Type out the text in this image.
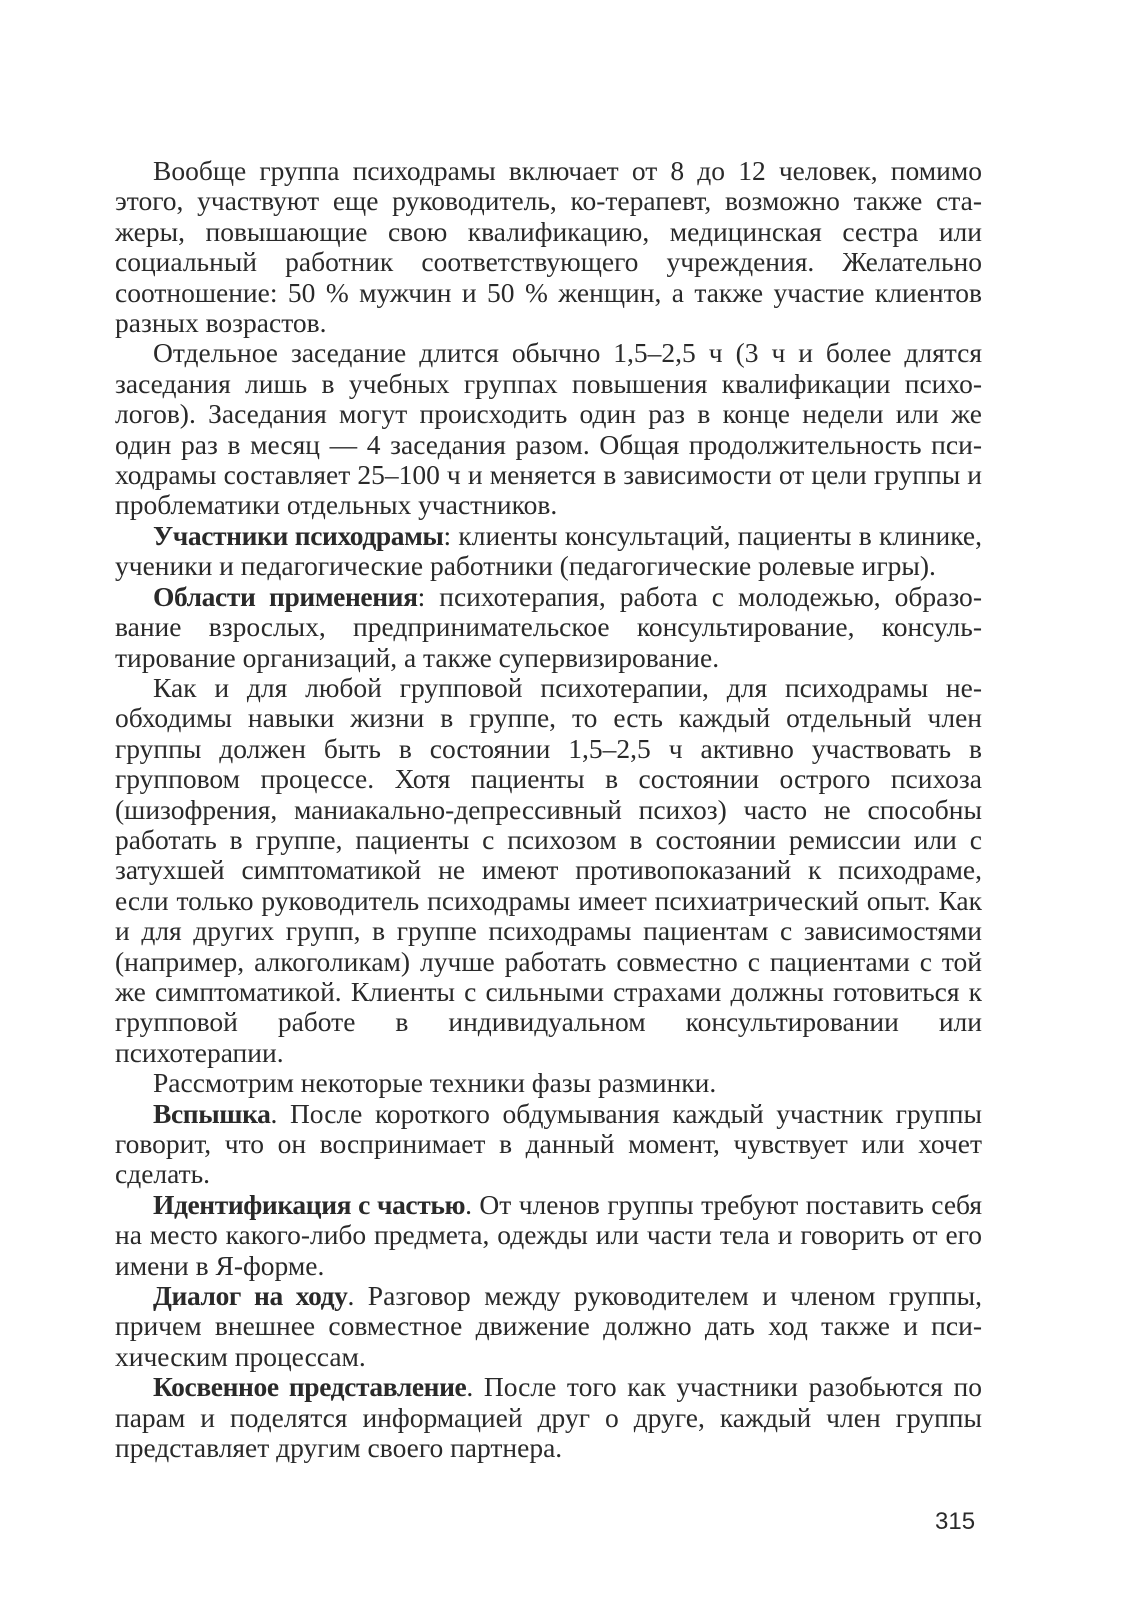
Вообще группа психодрамы включает от 8 до 12 человек, помимо этого, участвуют еще руководитель, ко-терапевт, возможно также стажеры, повышающие свою квалификацию, медицинская сестра или социальный работник соответствующего учреждения. Желательно соотношение: 50 % мужчин и 50 % женщин, а также участие клиентов разных возрастов.

Отдельное заседание длится обычно 1,5–2,5 ч (3 ч и более длятся заседания лишь в учебных группах повышения квалификации психологов). Заседания могут происходить один раз в конце недели или же один раз в месяц — 4 заседания разом. Общая продолжительность психодрамы составляет 25–100 ч и меняется в зависимости от цели группы и проблематики отдельных участников.

Участники психодрамы: клиенты консультаций, пациенты в клинике, ученики и педагогические работники (педагогические ролевые игры).

Области применения: психотерапия, работа с молодежью, образование взрослых, предпринимательское консультирование, консультирование организаций, а также супервизирование.

Как и для любой групповой психотерапии, для психодрамы необходимы навыки жизни в группе, то есть каждый отдельный член группы должен быть в состоянии 1,5–2,5 ч активно участвовать в групповом процессе. Хотя пациенты в состоянии острого психоза (шизофрения, маниакально-депрессивный психоз) часто не способны работать в группе, пациенты с психозом в состоянии ремиссии или с затухшей симптоматикой не имеют противопоказаний к психодраме, если только руководитель психодрамы имеет психиатрический опыт. Как и для других групп, в группе психодрамы пациентам с зависимостями (например, алкоголикам) лучше работать совместно с пациентами с той же симптоматикой. Клиенты с сильными страхами должны готовиться к групповой работе в индивидуальном консультировании или психотерапии.

Рассмотрим некоторые техники фазы разминки.

Вспышка. После короткого обдумывания каждый участник группы говорит, что он воспринимает в данный момент, чувствует или хочет сделать.

Идентификация с частью. От членов группы требуют поставить себя на место какого-либо предмета, одежды или части тела и говорить от его имени в Я-форме.

Диалог на ходу. Разговор между руководителем и членом группы, причем внешнее совместное движение должно дать ход также и психическим процессам.

Косвенное представление. После того как участники разобьются по парам и поделятся информацией друг о друге, каждый член группы представляет другим своего партнера.

315
